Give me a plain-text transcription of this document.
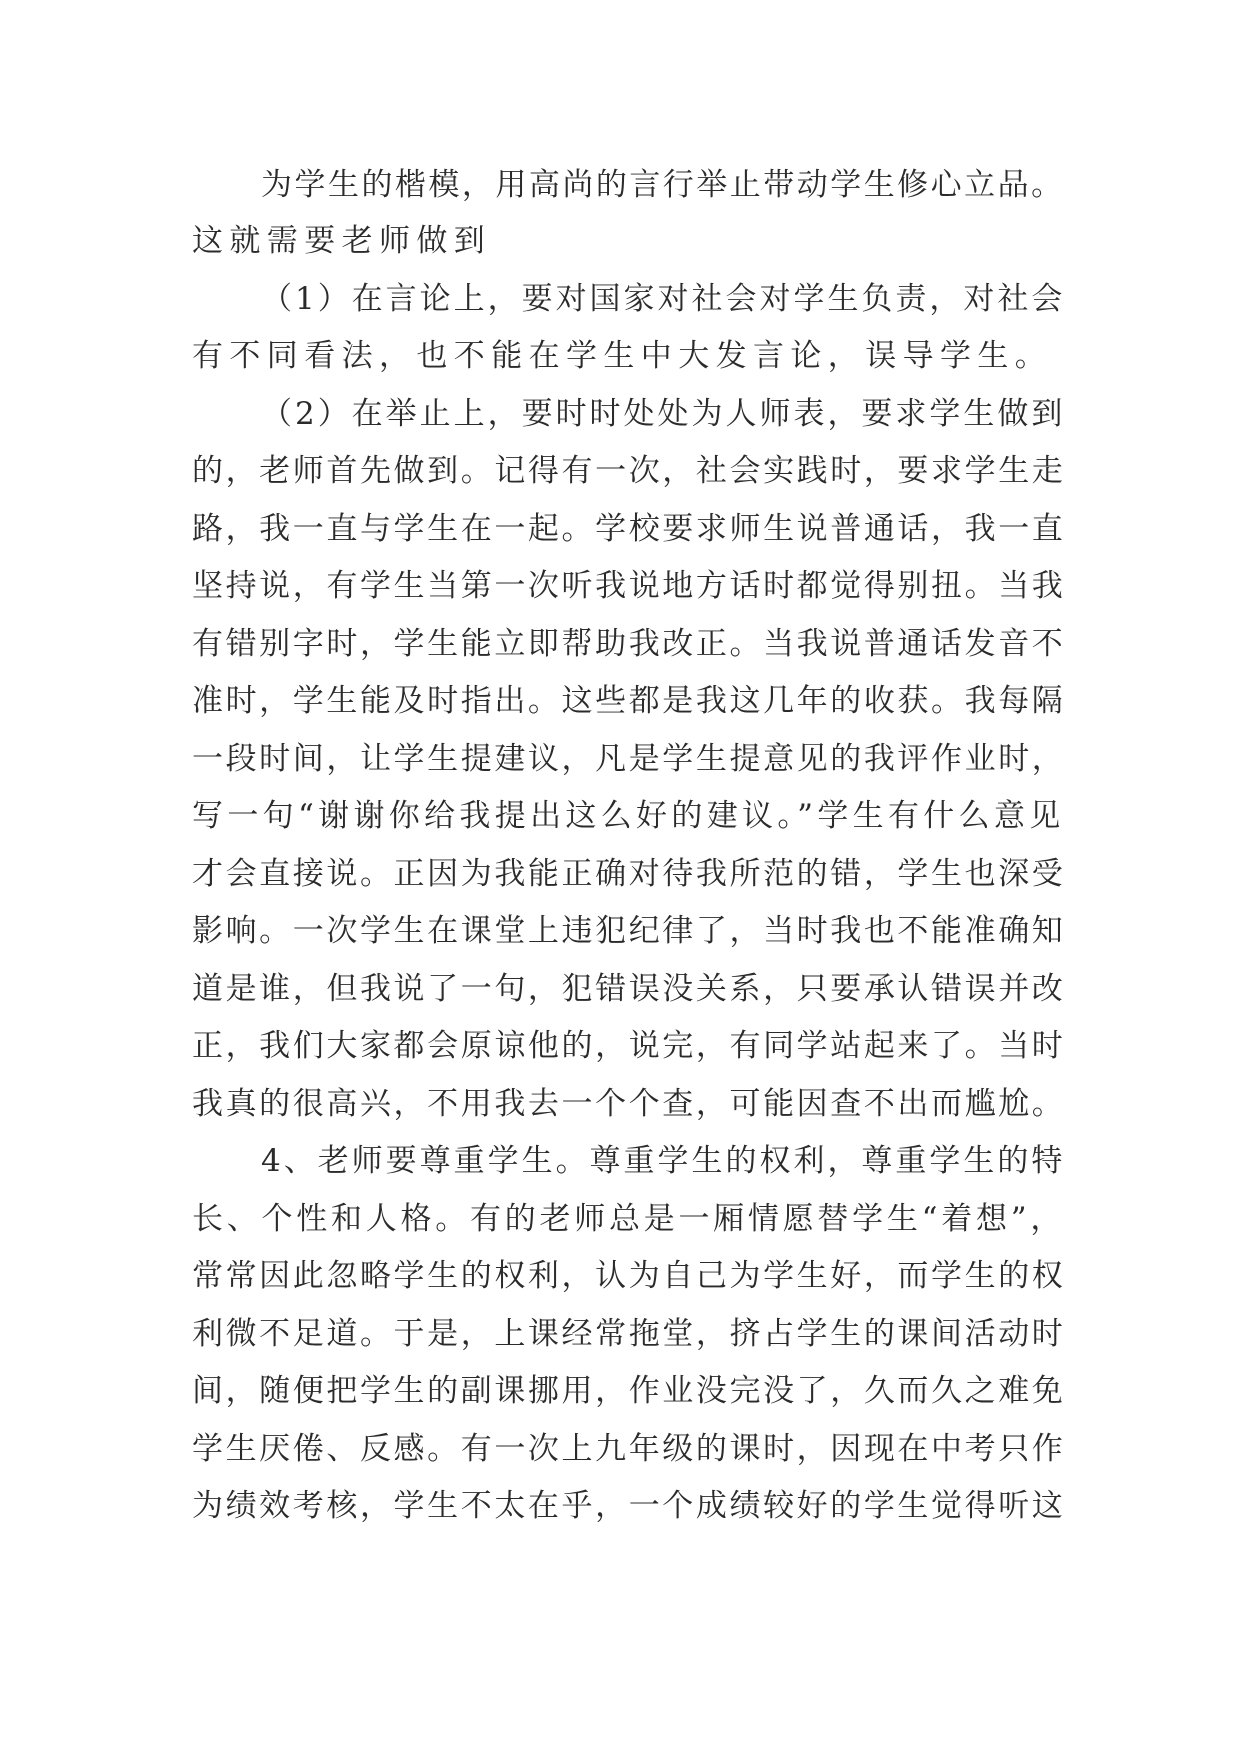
为学生的楷模，用高尚的言行举止带动学生修心立品。

这就需要老师做到

（1）在言论上，要对国家对社会对学生负责，对社会

有不同看法，也不能在学生中大发言论，误导学生。

（2）在举止上，要时时处处为人师表，要求学生做到

的，老师首先做到。记得有一次，社会实践时，要求学生走

路，我一直与学生在一起。学校要求师生说普通话，我一直

坚持说，有学生当第一次听我说地方话时都觉得别扭。当我

有错别字时，学生能立即帮助我改正。当我说普通话发音不

准时，学生能及时指出。这些都是我这几年的收获。我每隔

一段时间，让学生提建议，凡是学生提意见的我评作业时，

写一句“谢谢你给我提出这么好的建议。”学生有什么意见

才会直接说。正因为我能正确对待我所范的错，学生也深受

影响。一次学生在课堂上违犯纪律了，当时我也不能准确知

道是谁，但我说了一句，犯错误没关系，只要承认错误并改

正，我们大家都会原谅他的，说完，有同学站起来了。当时

我真的很高兴，不用我去一个个查，可能因查不出而尴尬。

4、老师要尊重学生。尊重学生的权利，尊重学生的特

长、个性和人格。有的老师总是一厢情愿替学生“着想”，

常常因此忽略学生的权利，认为自己为学生好，而学生的权

利微不足道。于是，上课经常拖堂，挤占学生的课间活动时

间，随便把学生的副课挪用，作业没完没了，久而久之难免

学生厌倦、反感。有一次上九年级的课时，因现在中考只作

为绩效考核，学生不太在乎，一个成绩较好的学生觉得听这
